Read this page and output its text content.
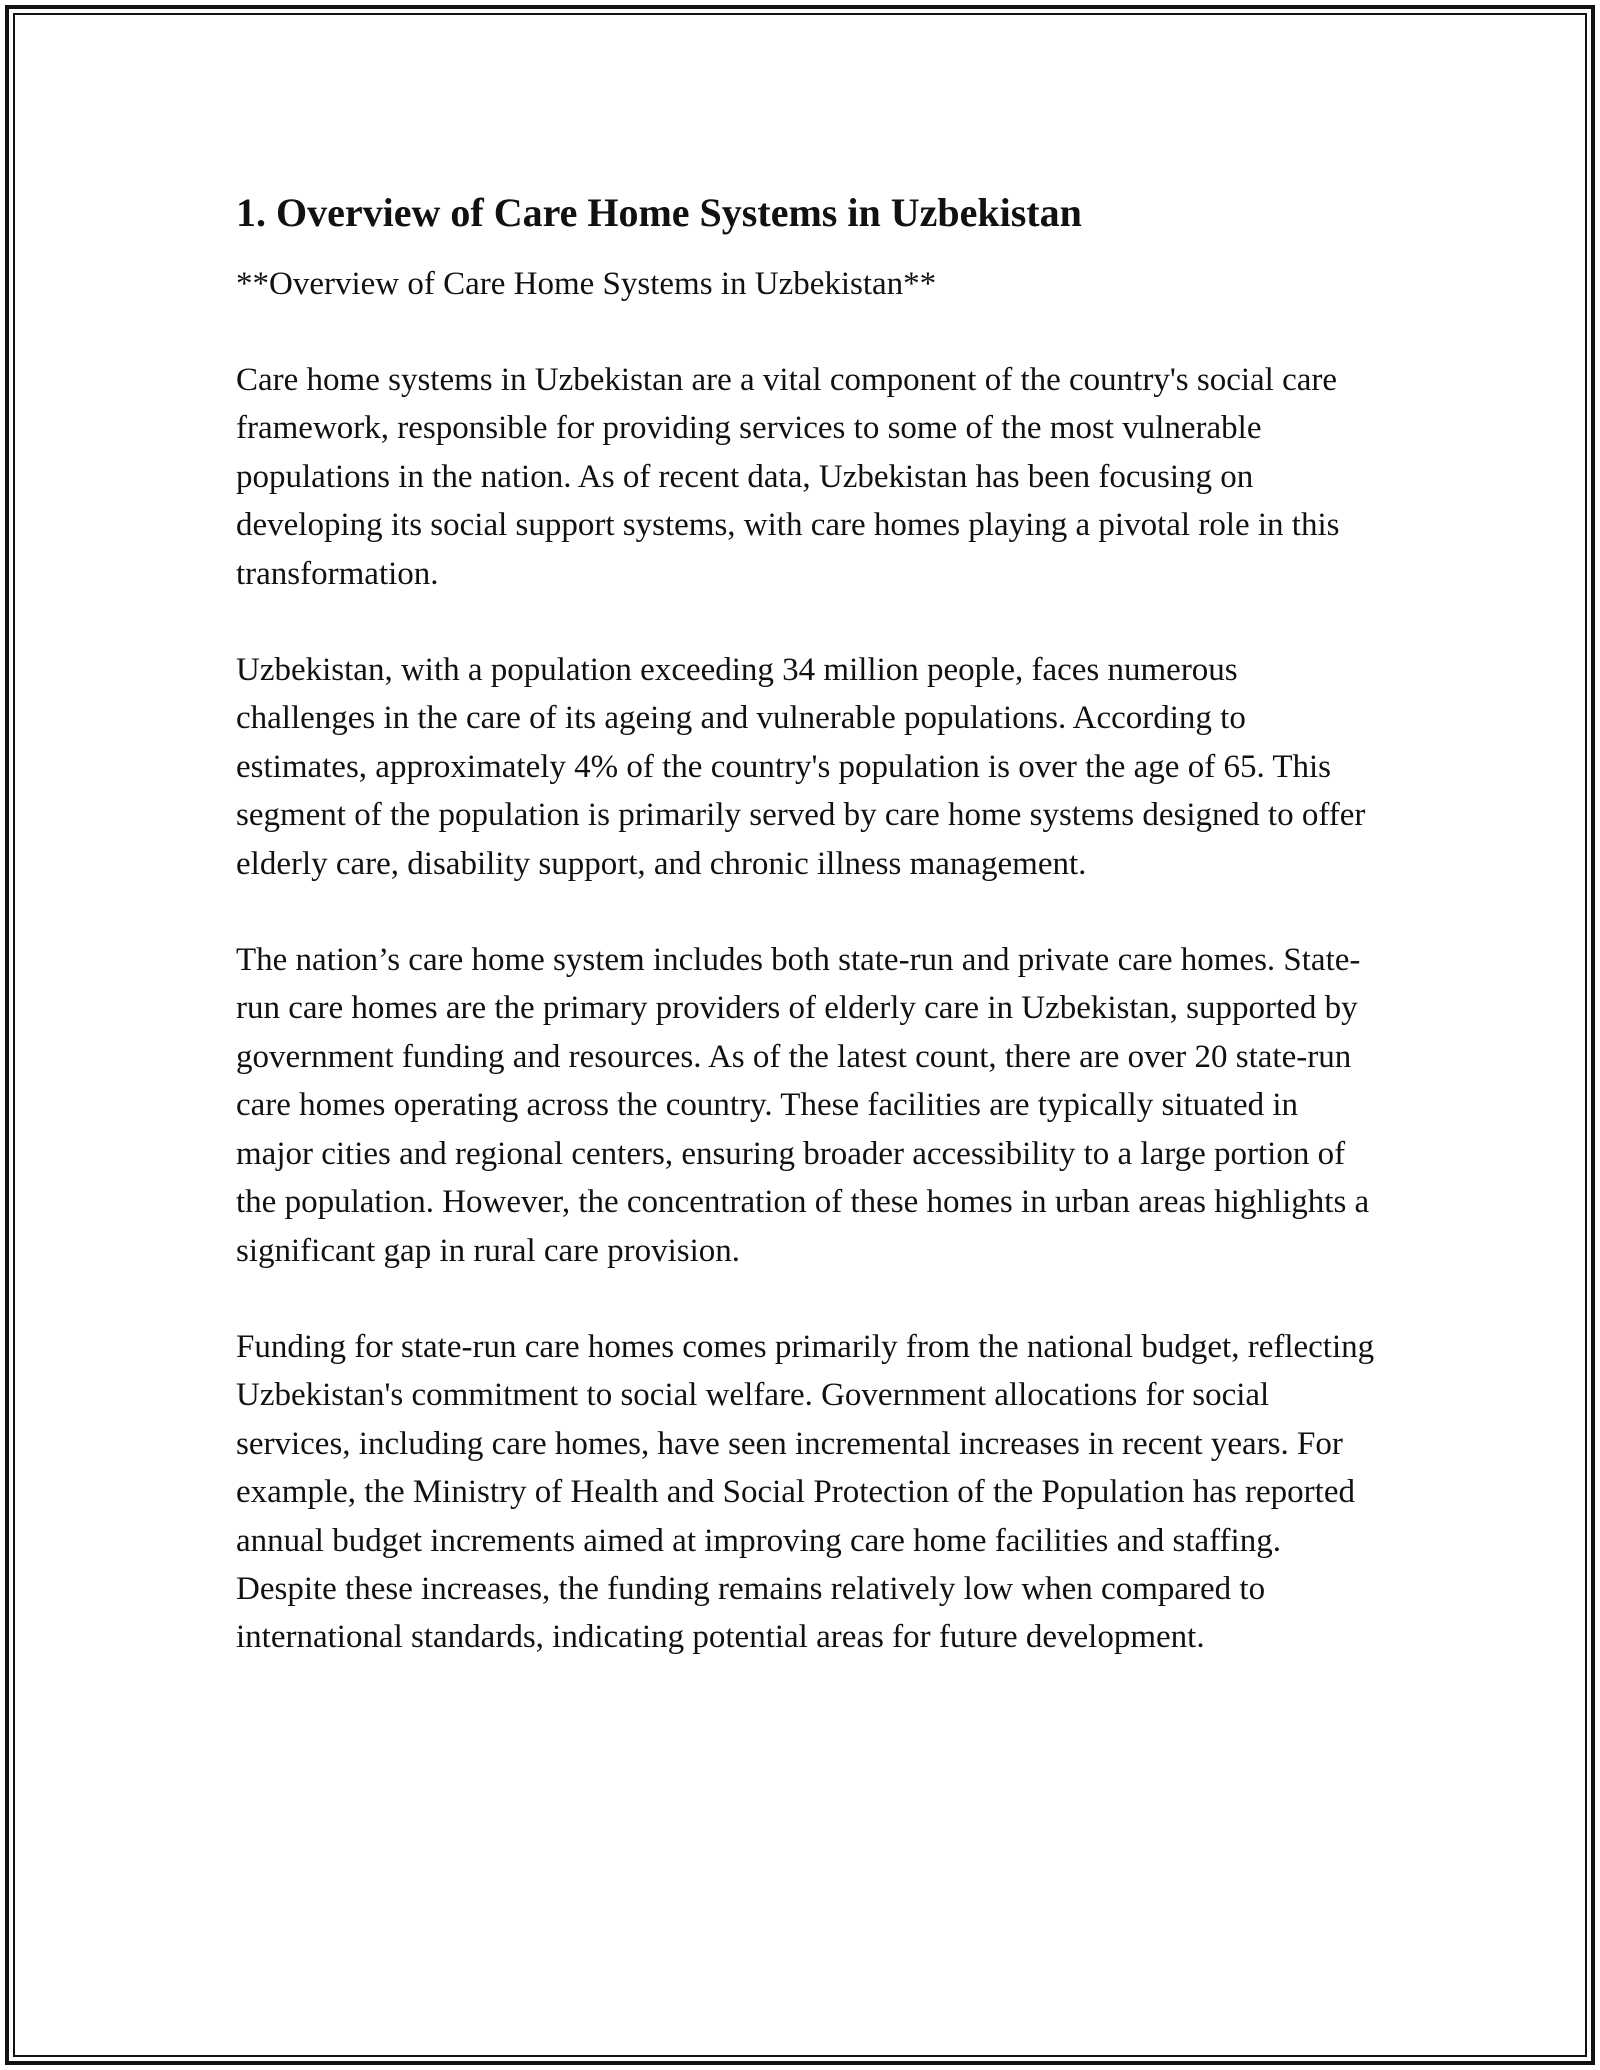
1. Overview of Care Home Systems in Uzbekistan

**Overview of Care Home Systems in Uzbekistan**

Care home systems in Uzbekistan are a vital component of the country's social care framework, responsible for providing services to some of the most vulnerable populations in the nation. As of recent data, Uzbekistan has been focusing on developing its social support systems, with care homes playing a pivotal role in this transformation.

Uzbekistan, with a population exceeding 34 million people, faces numerous challenges in the care of its ageing and vulnerable populations. According to estimates, approximately 4% of the country's population is over the age of 65. This segment of the population is primarily served by care home systems designed to offer elderly care, disability support, and chronic illness management.

The nation’s care home system includes both state-run and private care homes. State-run care homes are the primary providers of elderly care in Uzbekistan, supported by government funding and resources. As of the latest count, there are over 20 state-run care homes operating across the country. These facilities are typically situated in major cities and regional centers, ensuring broader accessibility to a large portion of the population. However, the concentration of these homes in urban areas highlights a significant gap in rural care provision.

Funding for state-run care homes comes primarily from the national budget, reflecting Uzbekistan's commitment to social welfare. Government allocations for social services, including care homes, have seen incremental increases in recent years. For example, the Ministry of Health and Social Protection of the Population has reported annual budget increments aimed at improving care home facilities and staffing. Despite these increases, the funding remains relatively low when compared to international standards, indicating potential areas for future development.
